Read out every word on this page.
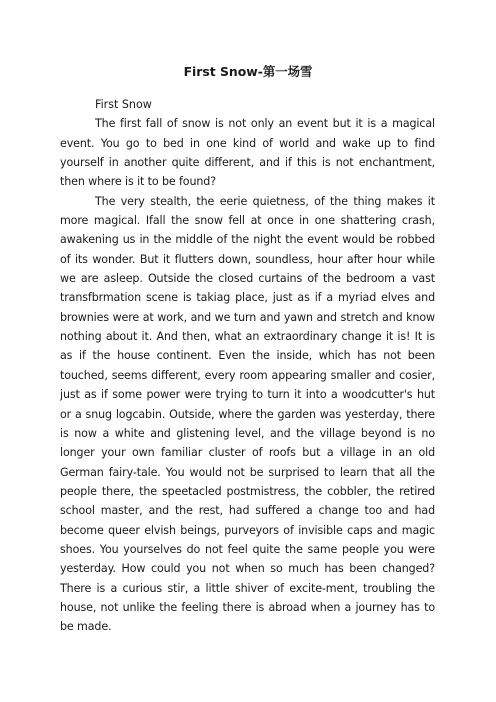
First Snow-第一场雪

First Snow

The first fall of snow is not only an event but it is a magical event. You go to bed in one kind of world and wake up to find yourself in another quite different, and if this is not enchantment, then where is it to be found?

The very stealth, the eerie quietness, of the thing makes it more magical. Ifall the snow fell at once in one shattering crash, awakening us in the middle of the night the event would be robbed of its wonder. But it flutters down, soundless, hour after hour while we are asleep. Outside the closed curtains of the bedroom a vast transfbrmation scene is takiag place, just as if a myriad elves and brownies were at work, and we turn and yawn and stretch and know nothing about it. And then, what an extraordinary change it is! It is as if the house continent. Even the inside, which has not been touched, seems different, every room appearing smaller and cosier, just as if some power were trying to turn it into a woodcutter's hut or a snug logcabin. Outside, where the garden was yesterday, there is now a white and glistening level, and the village beyond is no longer your own familiar cluster of roofs but a village in an old German fairy-tale. You would not be surprised to learn that all the people there, the speetacled postmistress, the cobbler, the retired school master, and the rest, had suffered a change too and had become queer elvish beings, purveyors of invisible caps and magic shoes. You yourselves do not feel quite the same people you were yesterday. How could you not when so much has been changed? There is a curious stir, a little shiver of excite-ment, troubling the house, not unlike the feeling there is abroad when a journey has to be made.
